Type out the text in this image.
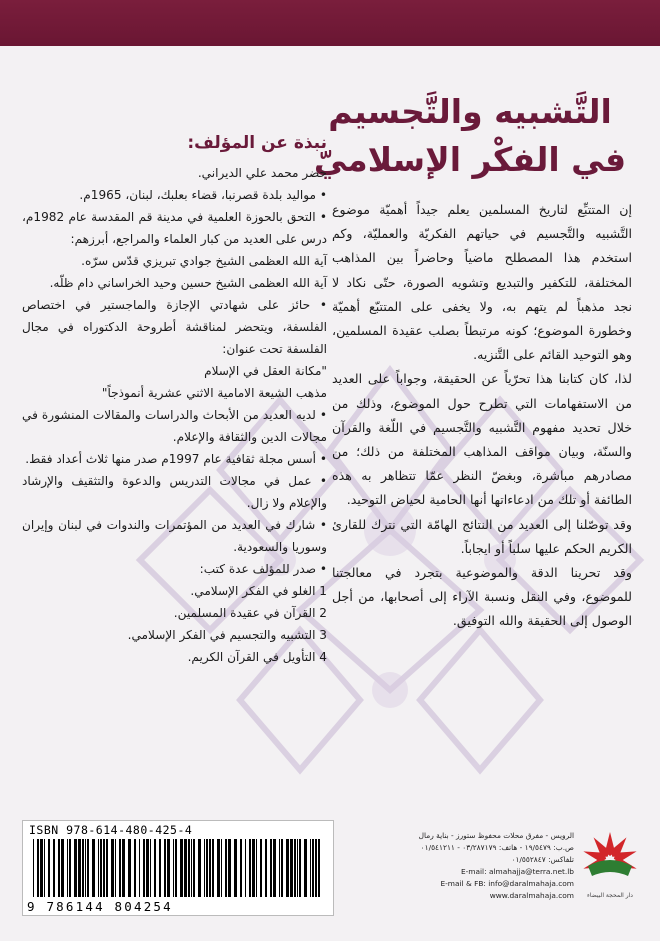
التَّشبيه والتَّجسيم
في الفكْر الإسلاميّ

إن المتتبِّع لتاريخ المسلمين يعلم جيداً أهميّة موضوع التَّشبيه والتَّجسيم في حياتهم الفكريّة والعمليّة، وكم استخدم هذا المصطلح ماضياً وحاضراً بين المذاهب المختلفة، للتكفير والتبديع وتشويه الصورة، حتّى نكاد لا نجد مذهباً لم يتهم به، ولا يخفى على المتتبّع أهميّة وخطورة الموضوع؛ كونه مرتبطاً بصلب عقيدة المسلمين، وهو التوحيد القائم على التَّنزيه.

لذا، كان كتابنا هذا تحرّياً عن الحقيقة، وجواباً على العديد من الاستفهامات التي تطرح حول الموضوع، وذلك من خلال تحديد مفهوم التَّشبيه والتَّجسيم في اللّغة والقرآن والسنّة، وبيان مواقف المذاهب المختلفة من ذلك؛ من مصادرهم مباشرة، وبغضّ النظر عمّا تتظاهر به هذه الطائفة أو تلك من ادعاءاتها أنها الحامية لحياض التوحيد.

وقد توصّلنا إلى العديد من النتائج الهامّة التي نترك للقارئ الكريم الحكم عليها سلباً أو ايجاباً.

وقد تحرينا الدقة والموضوعية بتجرد في معالجتنا للموضوع، وفي النقل ونسبة الآراء إلى أصحابها، من أجل الوصول إلى الحقيقة والله التوفيق.

نبذة عن المؤلف:

خضر محمد علي الديراني.

• مواليد بلدة قصرنبا، قضاء بعلبك، لبنان، 1965م.

• التحق بالحوزة العلمية في مدينة قم المقدسة عام 1982م، درس على العديد من كبار العلماء والمراجع، أبرزهم:

آية الله العظمى الشيخ جوادي تبريزي قدّس سرّه.

آية الله العظمى الشيخ حسين وحيد الخراساني دام ظلّه.

• حائز على شهادتي الإجازة والماجستير في اختصاص الفلسفة، ويتحضر لمناقشة أطروحة الدكتوراه في مجال الفلسفة تحت عنوان:

"مكانة العقل في الإسلام

مذهب الشيعة الامامية الاثني عشرية أنموذجاً"

• لديه العديد من الأبحاث والدراسات والمقالات المنشورة في مجالات الدين والثقافة والإعلام.

• أسس مجلة ثقافية عام 1997م صدر منها ثلاث أعداد فقط.

• عمل في مجالات التدريس والدعوة والتثقيف والإرشاد والإعلام ولا زال.

• شارك في العديد من المؤتمرات والندوات في لبنان وإيران وسوريا والسعودية.

• صدر للمؤلف عدة كتب:

1 الغلو في الفكر الإسلامي.

2 القرآن في عقيدة المسلمين.

3 التشبيه والتجسيم في الفكر الإسلامي.

4 التأويل في القرآن الكريم.

ISBN 978-614-480-425-4
9 786144 804254
دار المحجة البيضاء
الرويس - مفرق محلات محفوظ ستورز - بناية رمال
ص.ب: ١٩/٥٤٧٩ - هاتف: ٠٣/٢٨٧١٧٩ - ٠١/٥٤١٢١١
تلفاكس: ٠١/٥٥٢٨٤٧
E-mail: almahajja@terra.net.lb
E-mail & FB: info@daralmahaja.com
www.daralmahaja.com
